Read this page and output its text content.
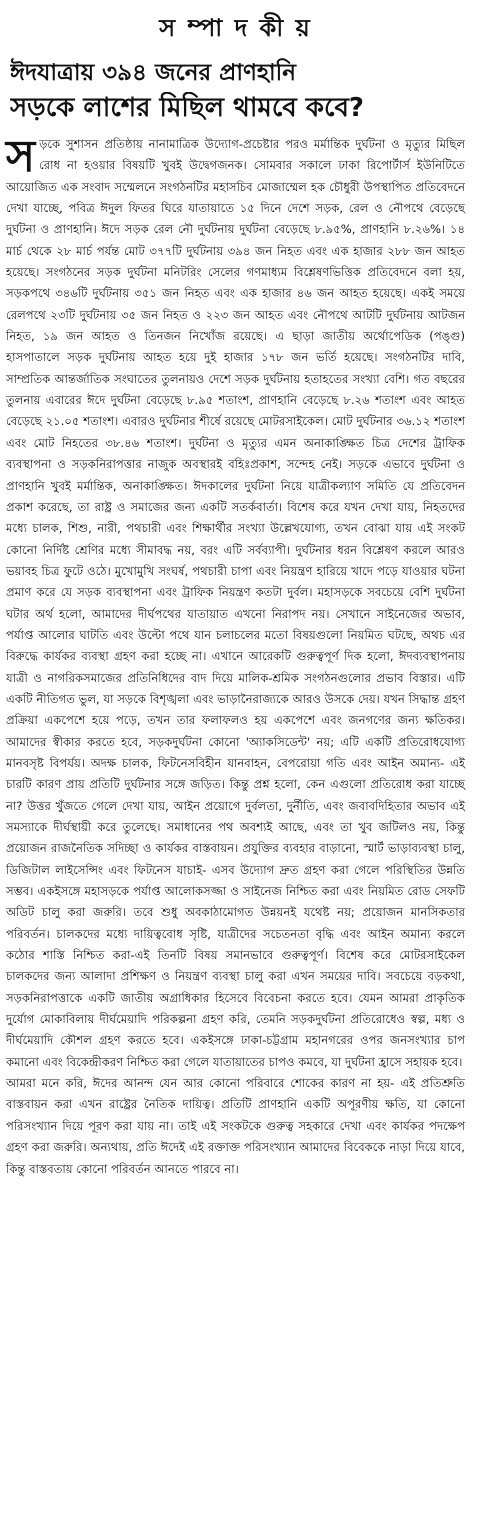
স ম্পা দ কী য়
ঈদযাত্রায় ৩৯৪ জনের প্রাণহানি
সড়কে লাশের মিছিল থামবে কবে?

সড়কে সুশাসন প্রতিষ্ঠায় নানামাত্রিক উদ্যোগ-প্রচেষ্টার পরও মর্মান্তিক দুর্ঘটনা ও মৃত্যুর মিছিল রোধ না হওয়ার বিষয়টি খুবই উদ্বেগজনক। সোমবার সকালে ঢাকা রিপোর্টার্স ইউনিটিতে আয়োজিত এক সংবাদ সম্মেলনে সংগঠনটির মহাসচিব মোজাম্মেল হক চৌধুরী উপস্থাপিত প্রতিবেদনে দেখা যাচ্ছে, পবিত্র ঈদুল ফিতর ঘিরে যাতায়াতে ১৫ দিনে দেশে সড়ক, রেল ও নৌপথে বেড়েছে দুর্ঘটনা ও প্রাণহানি। ঈদে সড়ক রেল নৌ দুর্ঘটনায় দুর্ঘটনা বেড়েছে ৮.৯৫%, প্রাণহানি ৮.২৬%। ১৪ মার্চ থেকে ২৮ মার্চ পর্যন্ত মোট ৩৭৭টি দুর্ঘটনায় ৩৯৪ জন নিহত এবং এক হাজার ২৮৮ জন আহত হয়েছে। সংগঠনের সড়ক দুর্ঘটনা মনিটরিং সেলের গণমাধ্যম বিশ্লেষণভিত্তিক প্রতিবেদনে বলা হয়, সড়কপথে ৩৪৬টি দুর্ঘটনায় ৩৫১ জন নিহত এবং এক হাজার ৪৬ জন আহত হয়েছে। একই সময়ে রেলপথে ২৩টি দুর্ঘটনায় ৩৫ জন নিহত ও ২২৩ জন আহত এবং নৌপথে আটটি দুর্ঘটনায় আটজন নিহত, ১৯ জন আহত ও তিনজন নিখোঁজ রয়েছে। এ ছাড়া জাতীয় অর্থোপেডিক (পঙ্গু) হাসপাতালে সড়ক দুর্ঘটনায় আহত হয়ে দুই হাজার ১৭৮ জন ভর্তি হয়েছে। সংগঠনটির দাবি, সাম্প্রতিক আন্তর্জাতিক সংঘাতের তুলনায়ও দেশে সড়ক দুর্ঘটনায় হতাহতের সংখ্যা বেশি। গত বছরের তুলনায় এবারের ঈদে দুর্ঘটনা বেড়েছে ৮.৯৫ শতাংশ, প্রাণহানি বেড়েছে ৮.২৬ শতাংশ এবং আহত বেড়েছে ২১.০৫ শতাংশ। এবারও দুর্ঘটনার শীর্ষে রয়েছে মোটরসাইকেল। মোট দুর্ঘটনার ৩৬.১২ শতাংশ এবং মোট নিহতের ৩৮.৪৬ শতাংশ। দুর্ঘটনা ও মৃত্যুর এমন অনাকাঙ্ক্ষিত চিত্র দেশের ট্রাফিক ব্যবস্থাপনা ও সড়কনিরাপত্তার নাজুক অবস্থারই বহিঃপ্রকাশ, সন্দেহ নেই। সড়কে এভাবে দুর্ঘটনা ও প্রাণহানি খুবই মর্মান্তিক, অনাকাঙ্ক্ষিত। ঈদকালের দুর্ঘটনা নিয়ে যাত্রীকল্যাণ সমিতি যে প্রতিবেদন প্রকাশ করেছে, তা রাষ্ট্র ও সমাজের জন্য একটি সতর্কবার্তা। বিশেষ করে যখন দেখা যায়, নিহতদের মধ্যে চালক, শিশু, নারী, পথচারী এবং শিক্ষার্থীর সংখ্যা উল্লেখযোগ্য, তখন বোঝা যায় এই সংকট কোনো নির্দিষ্ট শ্রেণির মধ্যে সীমাবদ্ধ নয়, বরং এটি সর্বব্যাপী। দুর্ঘটনার ধরন বিশ্লেষণ করলে আরও ভয়াবহ চিত্র ফুটে ওঠে। মুখোমুখি সংঘর্ষ, পথচারী চাপা এবং নিয়ন্ত্রণ হারিয়ে খাদে পড়ে যাওয়ার ঘটনা প্রমাণ করে যে সড়ক ব্যবস্থাপনা এবং ট্রাফিক নিয়ন্ত্রণ কতটা দুর্বল। মহাসড়কে সবচেয়ে বেশি দুর্ঘটনা ঘটার অর্থ হলো, আমাদের দীর্ঘপথের যাতায়াত এখনো নিরাপদ নয়। সেখানে সাইনেজের অভাব, পর্যাপ্ত আলোর ঘাটতি এবং উল্টো পথে যান চলাচলের মতো বিষয়গুলো নিয়মিত ঘটছে, অথচ এর বিরুদ্ধে কার্যকর ব্যবস্থা গ্রহণ করা হচ্ছে না। এখানে আরেকটি গুরুত্বপূর্ণ দিক হলো, ঈদব্যবস্থাপনায় যাত্রী ও নাগরিকসমাজের প্রতিনিধিদের বাদ দিয়ে মালিক-শ্রমিক সংগঠনগুলোর প্রভাব বিস্তার। এটি একটি নীতিগত ভুল, যা সড়কে বিশৃঙ্খলা এবং ভাড়ানৈরাজ্যকে আরও উসকে দেয়। যখন সিদ্ধান্ত গ্রহণ প্রক্রিয়া একপেশে হয়ে পড়ে, তখন তার ফলাফলও হয় একপেশে এবং জনগণের জন্য ক্ষতিকর। আমাদের স্বীকার করতে হবে, সড়কদুর্ঘটনা কোনো 'অ্যাকসিডেন্ট' নয়; এটি একটি প্রতিরোধযোগ্য মানবসৃষ্ট বিপর্যয়। অদক্ষ চালক, ফিটনেসবিহীন যানবাহন, বেপরোয়া গতি এবং আইন অমান্য- এই চারটি কারণ প্রায় প্রতিটি দুর্ঘটনার সঙ্গে জড়িত। কিন্তু প্রশ্ন হলো, কেন এগুলো প্রতিরোধ করা যাচ্ছে না? উত্তর খুঁজতে গেলে দেখা যায়, আইন প্রয়োগে দুর্বলতা, দুর্নীতি, এবং জবাবদিহিতার অভাব এই সমস্যাকে দীর্ঘস্থায়ী করে তুলেছে। সমাধানের পথ অবশ্যই আছে, এবং তা খুব জটিলও নয়, কিন্তু প্রয়োজন রাজনৈতিক সদিচ্ছা ও কার্যকর বাস্তবায়ন। প্রযুক্তির ব্যবহার বাড়ানো, স্মার্ট ভাড়াব্যবস্থা চালু, ডিজিটাল লাইসেন্সিং এবং ফিটনেস যাচাই- এসব উদ্যোগ দ্রুত গ্রহণ করা গেলে পরিস্থিতির উন্নতি সম্ভব। একইসঙ্গে মহাসড়কে পর্যাপ্ত আলোকসজ্জা ও সাইনেজ নিশ্চিত করা এবং নিয়মিত রোড সেফটি অডিট চালু করা জরুরি। তবে শুধু অবকাঠামোগত উন্নয়নই যথেষ্ট নয়; প্রয়োজন মানসিকতার পরিবর্তন। চালকদের মধ্যে দায়িত্ববোধ সৃষ্টি, যাত্রীদের সচেতনতা বৃদ্ধি এবং আইন অমান্য করলে কঠোর শাস্তি নিশ্চিত করা-এই তিনটি বিষয় সমানভাবে গুরুত্বপূর্ণ। বিশেষ করে মোটরসাইকেল চালকদের জন্য আলাদা প্রশিক্ষণ ও নিয়ন্ত্রণ ব্যবস্থা চালু করা এখন সময়ের দাবি। সবচেয়ে বড়কথা, সড়কনিরাপত্তাকে একটি জাতীয় অগ্রাধিকার হিসেবে বিবেচনা করতে হবে। যেমন আমরা প্রাকৃতিক দুর্যোগ মোকাবিলায় দীর্ঘমেয়াদি পরিকল্পনা গ্রহণ করি, তেমনি সড়কদুর্ঘটনা প্রতিরোধেও স্বল্প, মধ্য ও দীর্ঘমেয়াদি কৌশল গ্রহণ করতে হবে। একইসঙ্গে ঢাকা-চট্টগ্রাম মহানগরের ওপর জনসংখ্যার চাপ কমানো এবং বিকেন্দ্রীকরণ নিশ্চিত করা গেলে যাতায়াতের চাপও কমবে, যা দুর্ঘটনা হ্রাসে সহায়ক হবে।

আমরা মনে করি, ঈদের আনন্দ যেন আর কোনো পরিবারে শোকের কারণ না হয়- এই প্রতিশ্রুতি বাস্তবায়ন করা এখন রাষ্ট্রের নৈতিক দায়িত্ব। প্রতিটি প্রাণহানি একটি অপূরণীয় ক্ষতি, যা কোনো পরিসংখ্যান দিয়ে পূরণ করা যায় না। তাই এই সংকটকে গুরুত্ব সহকারে দেখা এবং কার্যকর পদক্ষেপ গ্রহণ করা জরুরি। অন্যথায়, প্রতি ঈদেই এই রক্তাক্ত পরিসংখ্যান আমাদের বিবেককে নাড়া দিয়ে যাবে, কিন্তু বাস্তবতায় কোনো পরিবর্তন আনতে পারবে না।
